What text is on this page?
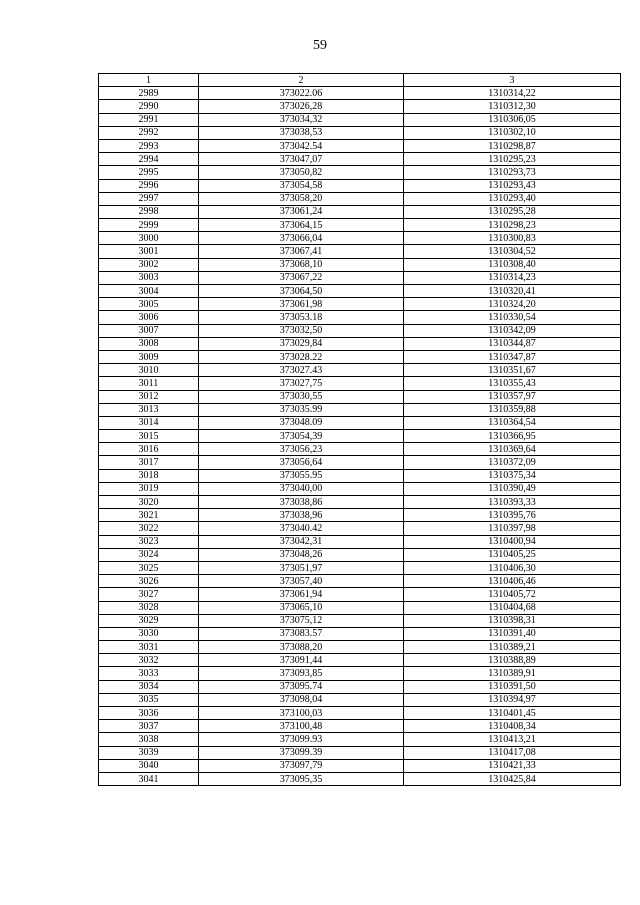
59
1	2	3
2989	373022.06	1310314,22
2990	373026,28	1310312,30
2991	373034,32	1310306,05
2992	373038,53	1310302,10
2993	373042.54	1310298,87
2994	373047,07	1310295,23
2995	373050,82	1310293,73
2996	373054,58	1310293,43
2997	373058,20	1310293,40
2998	373061,24	1310295,28
2999	373064,15	1310298,23
3000	373066,04	1310300,83
3001	373067,41	1310304,52
3002	373068,10	1310308,40
3003	373067,22	1310314,23
3004	373064,50	1310320,41
3005	373061,98	1310324,20
3006	373053.18	1310330,54
3007	373032,50	1310342,09
3008	373029,84	1310344,87
3009	373028.22	1310347,87
3010	373027.43	1310351,67
3011	373027,75	1310355,43
3012	373030,55	1310357,97
3013	373035.99	1310359,88
3014	373048.09	1310364,54
3015	373054,39	1310366,95
3016	373056,23	1310369,64
3017	373056,64	1310372,09
3018	373055.95	1310375,34
3019	373040,00	1310390,49
3020	373038,86	1310393,33
3021	373038,96	1310395,76
3022	373040.42	1310397,98
3023	373042,31	1310400,94
3024	373048,26	1310405,25
3025	373051,97	1310406,30
3026	373057,40	1310406,46
3027	373061,94	1310405,72
3028	373065,10	1310404,68
3029	373075,12	1310398,31
3030	373083.57	1310391,40
3031	373088,20	1310389,21
3032	373091,44	1310388,89
3033	373093,85	1310389,91
3034	373095.74	1310391,50
3035	373098,04	1310394,97
3036	373100,03	1310401,45
3037	373100,48	1310408,34
3038	373099.93	1310413,21
3039	373099.39	1310417,08
3040	373097,79	1310421,33
3041	373095,35	1310425,84
